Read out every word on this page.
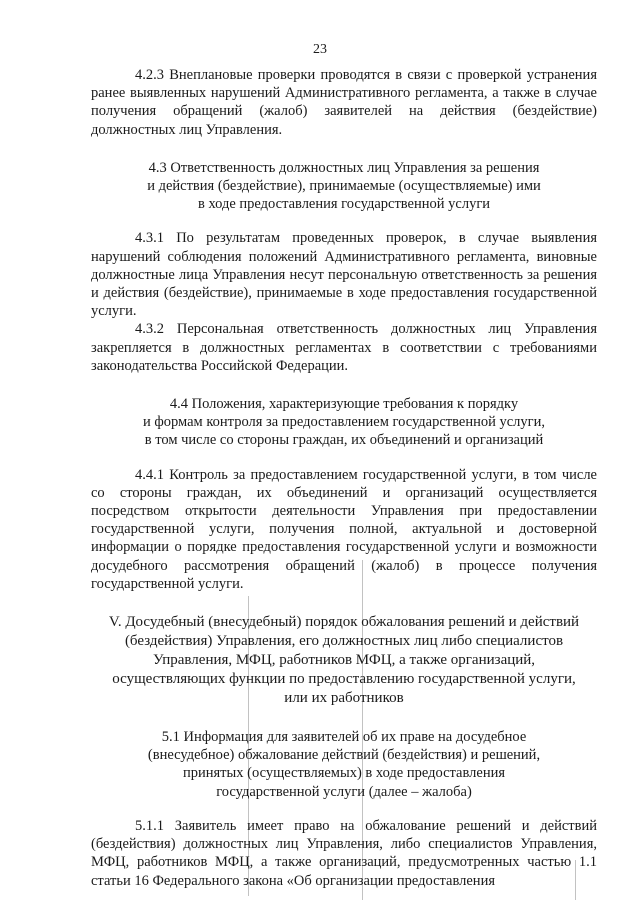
23

4.2.3 Внеплановые проверки проводятся в связи с проверкой устранения ранее выявленных нарушений Административного регламента, а также в случае получения обращений (жалоб) заявителей на действия (бездействие) должностных лиц Управления.

4.3 Ответственность должностных лиц Управления за решения

и действия (бездействие), принимаемые (осуществляемые) ими

в ходе предоставления государственной услуги

4.3.1 По результатам проведенных проверок, в случае выявления нарушений соблюдения положений Административного регламента, виновные должностные лица Управления несут персональную ответственность за решения и действия (бездействие), принимаемые в ходе предоставления государственной услуги.

4.3.2 Персональная ответственность должностных лиц Управления закрепляется в должностных регламентах в соответствии с требованиями законодательства Российской Федерации.

4.4 Положения, характеризующие требования к порядку

и формам контроля за предоставлением государственной услуги,

в том числе со стороны граждан, их объединений и организаций

4.4.1 Контроль за предоставлением государственной услуги, в том числе со стороны граждан, их объединений и организаций осуществляется посредством открытости деятельности Управления при предоставлении государственной услуги, получения полной, актуальной и достоверной информации о порядке предоставления государственной услуги и возможности досудебного рассмотрения обращений (жалоб) в процессе получения государственной услуги.

V. Досудебный (внесудебный) порядок обжалования решений и действий

(бездействия) Управления, его должностных лиц либо специалистов

Управления, МФЦ, работников МФЦ, а также организаций,

осуществляющих функции по предоставлению государственной услуги,

или их работников

5.1 Информация для заявителей об их праве на досудебное

(внесудебное) обжалование действий (бездействия) и решений,

принятых (осуществляемых) в ходе предоставления

государственной услуги (далее – жалоба)

5.1.1 Заявитель имеет право на обжалование решений и действий (бездействия) должностных лиц Управления, либо специалистов Управления, МФЦ, работников МФЦ, а также организаций, предусмотренных частью 1.1 статьи 16 Федерального закона «Об организации предоставления
